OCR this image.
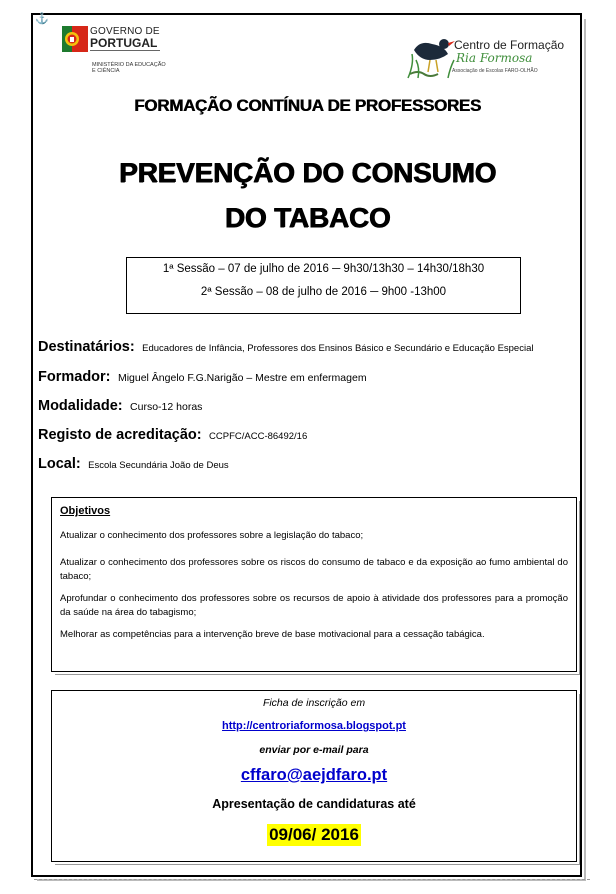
⚓
GOVERNO DE
PORTUGAL
MINISTÉRIO DA EDUCAÇÃO
E CIÊNCIA
Centro de Formação
Ria Formosa
Associação de Escolas FARO-OLHÃO
FORMAÇÃO CONTÍNUA DE PROFESSORES
PREVENÇÃO DO CONSUMO
DO TABACO
1ª Sessão – 07 de julho de 2016 ─ 9h30/13h30 – 14h30/18h30
2ª Sessão – 08 de julho de 2016 ─ 9h00 -13h00
Destinatários: Educadores de Infância, Professores dos Ensinos Básico e Secundário e Educação Especial
Formador: Miguel Ângelo F.G.Narigão – Mestre em enfermagem
Modalidade: Curso-12 horas
Registo de acreditação: CCPFC/ACC-86492/16
Local: Escola Secundária João de Deus
Objetivos
Atualizar o conhecimento dos professores sobre a legislação do tabaco;
Atualizar o conhecimento dos professores sobre os riscos do consumo de tabaco e da exposição ao fumo ambiental do tabaco;
Aprofundar o conhecimento dos professores sobre os recursos de apoio à atividade dos professores para a promoção da saúde na área do tabagismo;
Melhorar as competências para a intervenção breve de base motivacional para a cessação tabágica.
Ficha de inscrição em
http://centroriaformosa.blogspot.pt
enviar por e-mail para
cffaro@aejdfaro.pt
Apresentação de candidaturas até
09/06/ 2016
